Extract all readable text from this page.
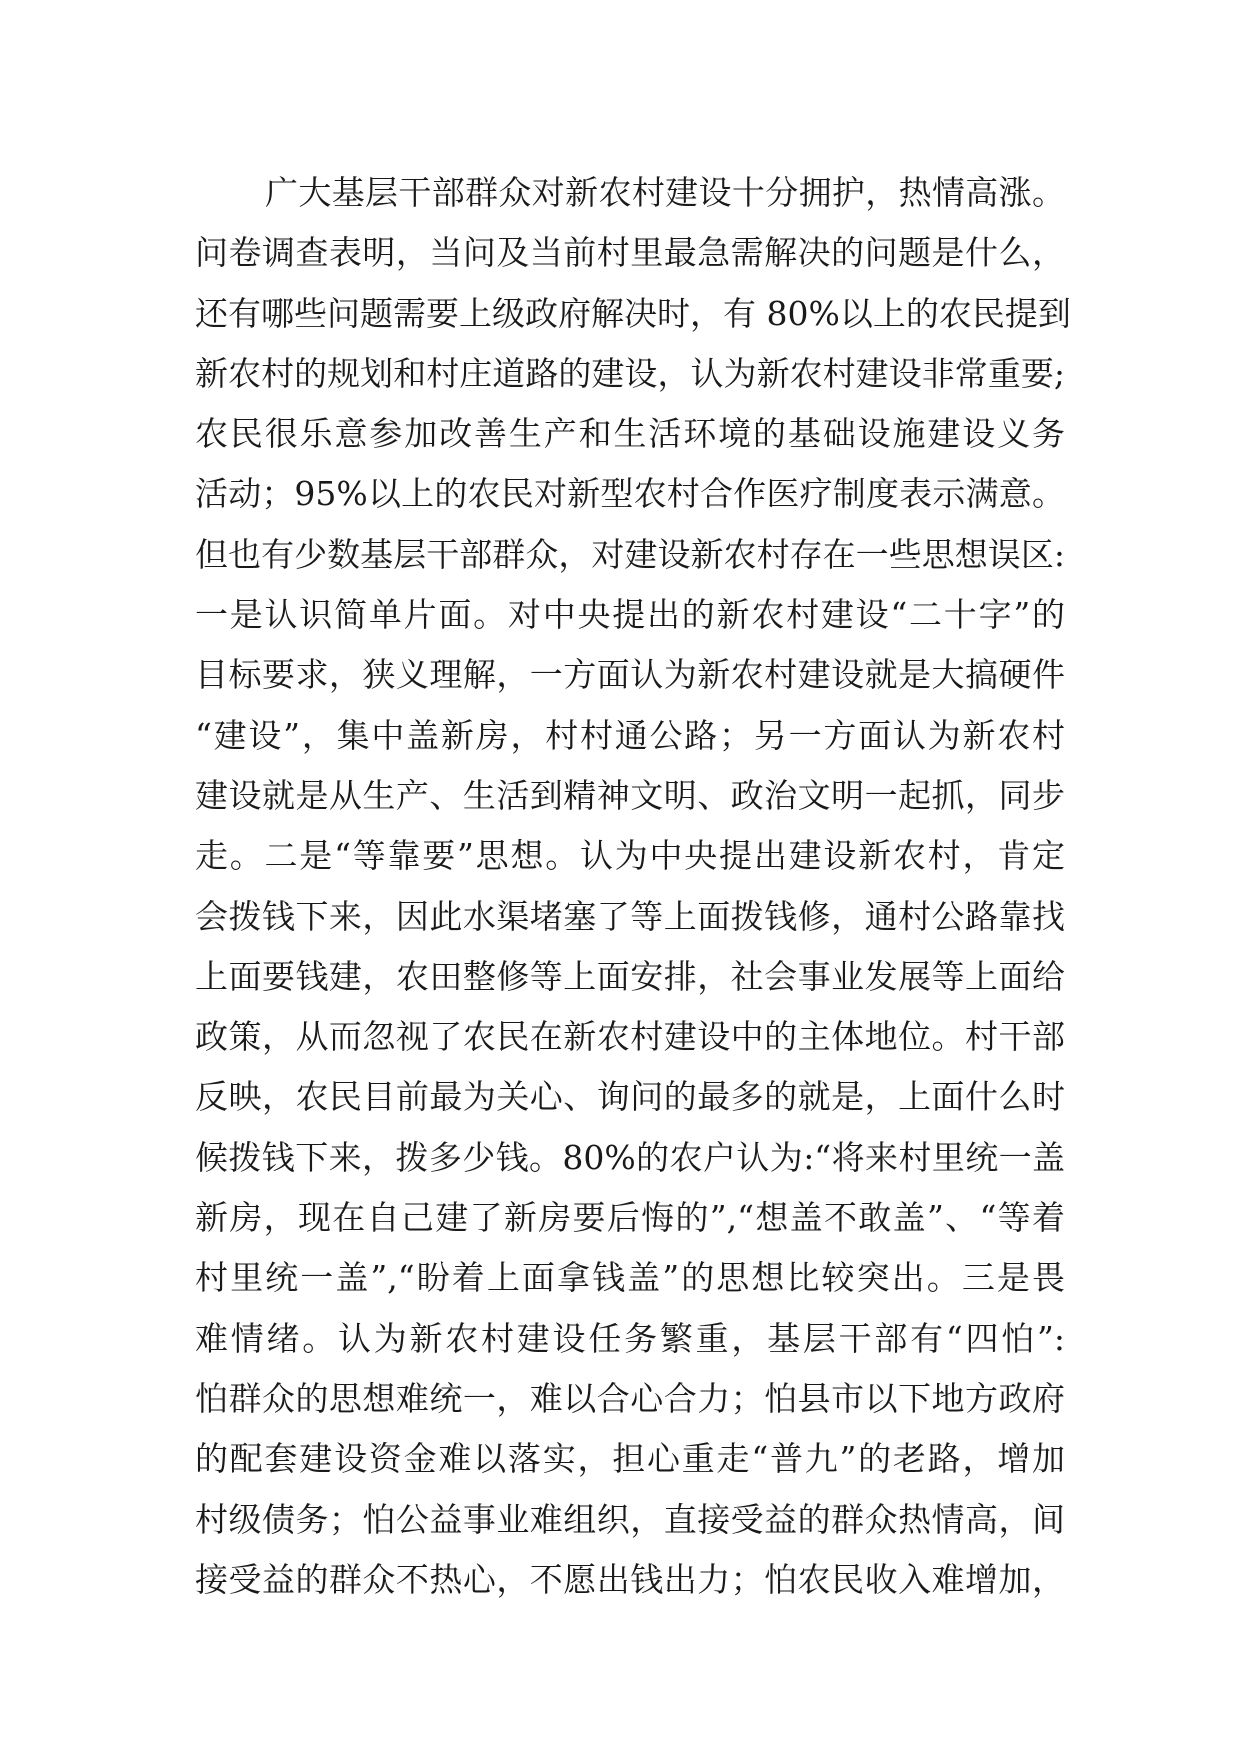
广大基层干部群众对新农村建设十分拥护，热情高涨。
问卷调查表明，当问及当前村里最急需解决的问题是什么，
还有哪些问题需要上级政府解决时，有 80%以上的农民提到
新农村的规划和村庄道路的建设，认为新农村建设非常重要;
农民很乐意参加改善生产和生活环境的基础设施建设义务
活动；95%以上的农民对新型农村合作医疗制度表示满意。
但也有少数基层干部群众，对建设新农村存在一些思想误区:
一是认识简单片面。对中央提出的新农村建设“二十字”的
目标要求，狭义理解，一方面认为新农村建设就是大搞硬件
“建设”，集中盖新房，村村通公路；另一方面认为新农村
建设就是从生产、生活到精神文明、政治文明一起抓，同步
走。二是“等靠要”思想。认为中央提出建设新农村，肯定
会拨钱下来，因此水渠堵塞了等上面拨钱修，通村公路靠找
上面要钱建，农田整修等上面安排，社会事业发展等上面给
政策，从而忽视了农民在新农村建设中的主体地位。村干部
反映，农民目前最为关心、询问的最多的就是，上面什么时
候拨钱下来，拨多少钱。80%的农户认为:“将来村里统一盖
新房，现在自己建了新房要后悔的”,“想盖不敢盖”、“等着
村里统一盖”,“盼着上面拿钱盖”的思想比较突出。三是畏
难情绪。认为新农村建设任务繁重，基层干部有“四怕”:
怕群众的思想难统一，难以合心合力；怕县市以下地方政府
的配套建设资金难以落实，担心重走“普九”的老路，增加
村级债务；怕公益事业难组织，直接受益的群众热情高，间
接受益的群众不热心，不愿出钱出力；怕农民收入难增加，
